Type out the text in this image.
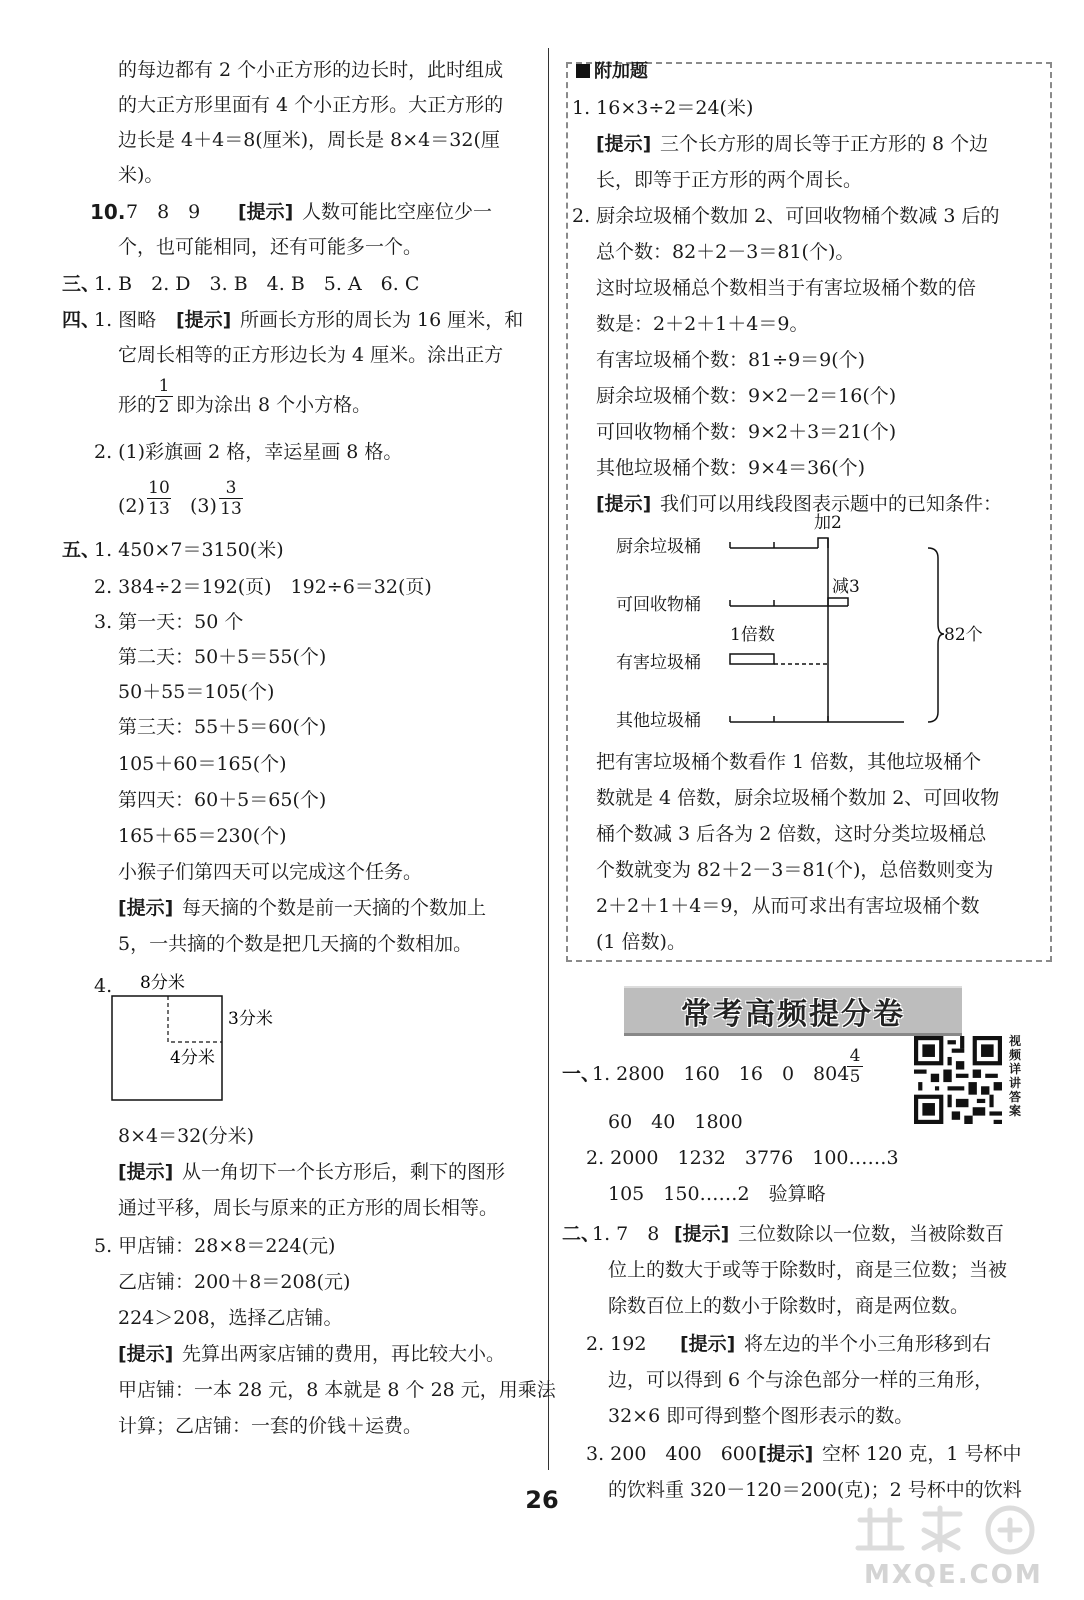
的每边都有 2 个小正方形的边长时，此时组成
的大正方形里面有 4 个小正方形。大正方形的
边长是 4＋4＝8(厘米)，周长是 8×4＝32(厘
米)。
10. 7　8　9 [提示] 人数可能比空座位少一
个，也可能相同，还有可能多一个。
三、
1. B　2. D　3. B　4. B　5. A　6. C
四、
1. 图略 [提示] 所画长方形的周长为 16 厘米，和
它周长相等的正方形边长为 4 厘米。涂出正方
形的
$\frac{1}{2}$ 即为涂出 8 个小方格。
2. (1)彩旗画 2 格，幸运星画 8 格。
$(2) \frac{10}{13} (3) \frac{3}{13}$
五、
1. 450×7＝3150(米)
2. 384÷2＝192(页)　192÷6＝32(页)
3. 第一天：50 个
第二天：50＋5＝55(个)
50＋55＝105(个)
第三天：55＋5＝60(个)
105＋60＝165(个)
第四天：60＋5＝65(个)
165＋65＝230(个)
小猴子们第四天可以完成这个任务。
[提示] 每天摘的个数是前一天摘的个数加上
5，一共摘的个数是把几天摘的个数相加。
4. 8分米
3分米
4分米
8×4＝32(分米)
[提示] 从一角切下一个长方形后，剩下的图形
通过平移，周长与原来的正方形的周长相等。
5. 甲店铺：28×8＝224(元)
乙店铺：200＋8＝208(元)
224＞208，选择乙店铺。
[提示] 先算出两家店铺的费用，再比较大小。
甲店铺：一本 28 元，8 本就是 8 个 28 元，用乘法
计算；乙店铺：一套的价钱＋运费。
附加题
1. 16×3÷2＝24(米)
[提示] 三个长方形的周长等于正方形的 8 个边
长，即等于正方形的两个周长。
2. 厨余垃圾桶个数加 2、可回收物桶个数减 3 后的
总个数：82＋2－3＝81(个)。
这时垃圾桶总个数相当于有害垃圾桶个数的倍
数是：2＋2＋1＋4＝9。
有害垃圾桶个数：81÷9＝9(个)
厨余垃圾桶个数：9×2－2＝16(个)
可回收物桶个数：9×2＋3＝21(个)
其他垃圾桶个数：9×4＝36(个)
[提示] 我们可以用线段图表示题中的已知条件：
厨余垃圾桶
可回收物桶
有害垃圾桶
其他垃圾桶
加2
减3
1倍数	82个
把有害垃圾桶个数看作 1 倍数，其他垃圾桶个
数就是 4 倍数，厨余垃圾桶个数加 2、可回收物
桶个数减 3 后各为 2 倍数，这时分类垃圾桶总
个数就变为 82＋2－3＝81(个)，总倍数则变为
2＋2＋1＋4＝9，从而可求出有害垃圾桶个数
(1 倍数)。
常考高频提分卷
一、
1. 2800　160　16　0　804
$\frac{4}{5}$
60　40　1800
视频详讲答案
2. 2000　1232　3776　100……3
105　150……2　验算略
二、
1. 7　8 [提示] 三位数除以一位数，当被除数百
位上的数大于或等于除数时，商是三位数；当被
除数百位上的数小于除数时，商是两位数。
2. 192 [提示] 将左边的半个小三角形移到右
边，可以得到 6 个与涂色部分一样的三角形，
32×6 即可得到整个图形表示的数。
3. 200　400　600 [提示] 空杯 120 克，1 号杯中
的饮料重 320－120＝200(克)；2 号杯中的饮料
26
MXQE.COM
